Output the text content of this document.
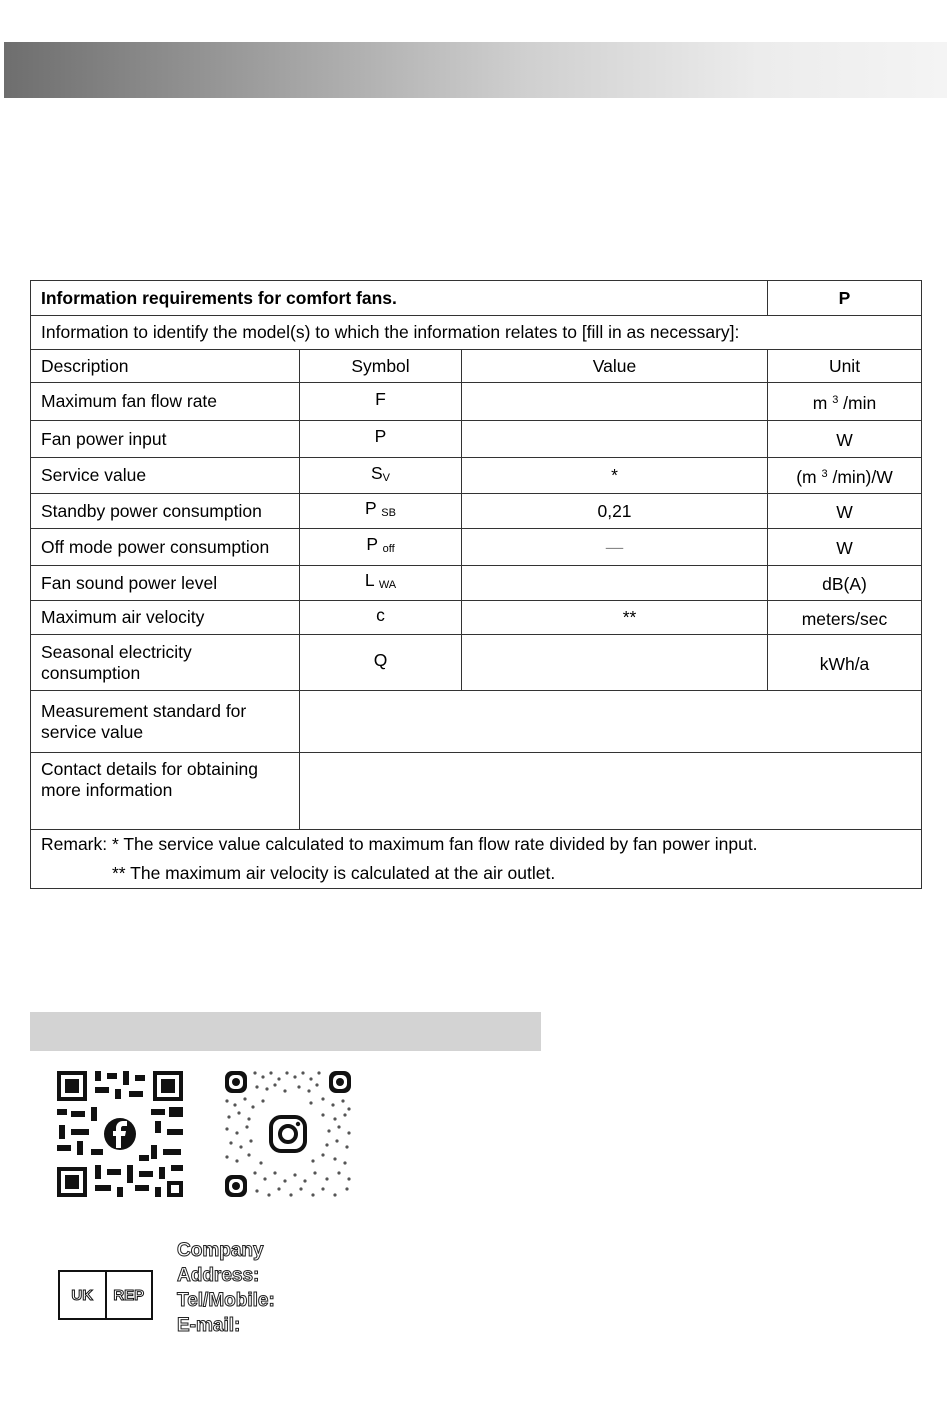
Information requirements for comfort fans.			P
Information to identify the model(s) to which the information relates to [fill in as necessary]:			
Description	Symbol	Value	Unit
Maximum fan flow rate	F		m $^3$ /min
Fan power input	P		W
Service value	$S_V$	*	(m $^3$ /min)/W
Standby power consumption	P $_{SB}$	0,21	W
Off mode power consumption	P $_{off}$	—	W
Fan sound power level	L $_{WA}$		dB(A)
Maximum air velocity	c	**	meters/sec

Seasonal electricity
consumption	Q		kWh/a

Measurement standard for
service value			

Contact details for obtaining
more information			

Remark: * The service value calculated to maximum fan flow rate divided by fan power input.
** The maximum air velocity is calculated at the air outlet.			
UK	REP
Company
Address:
Tel/Mobile:
E-mail:
